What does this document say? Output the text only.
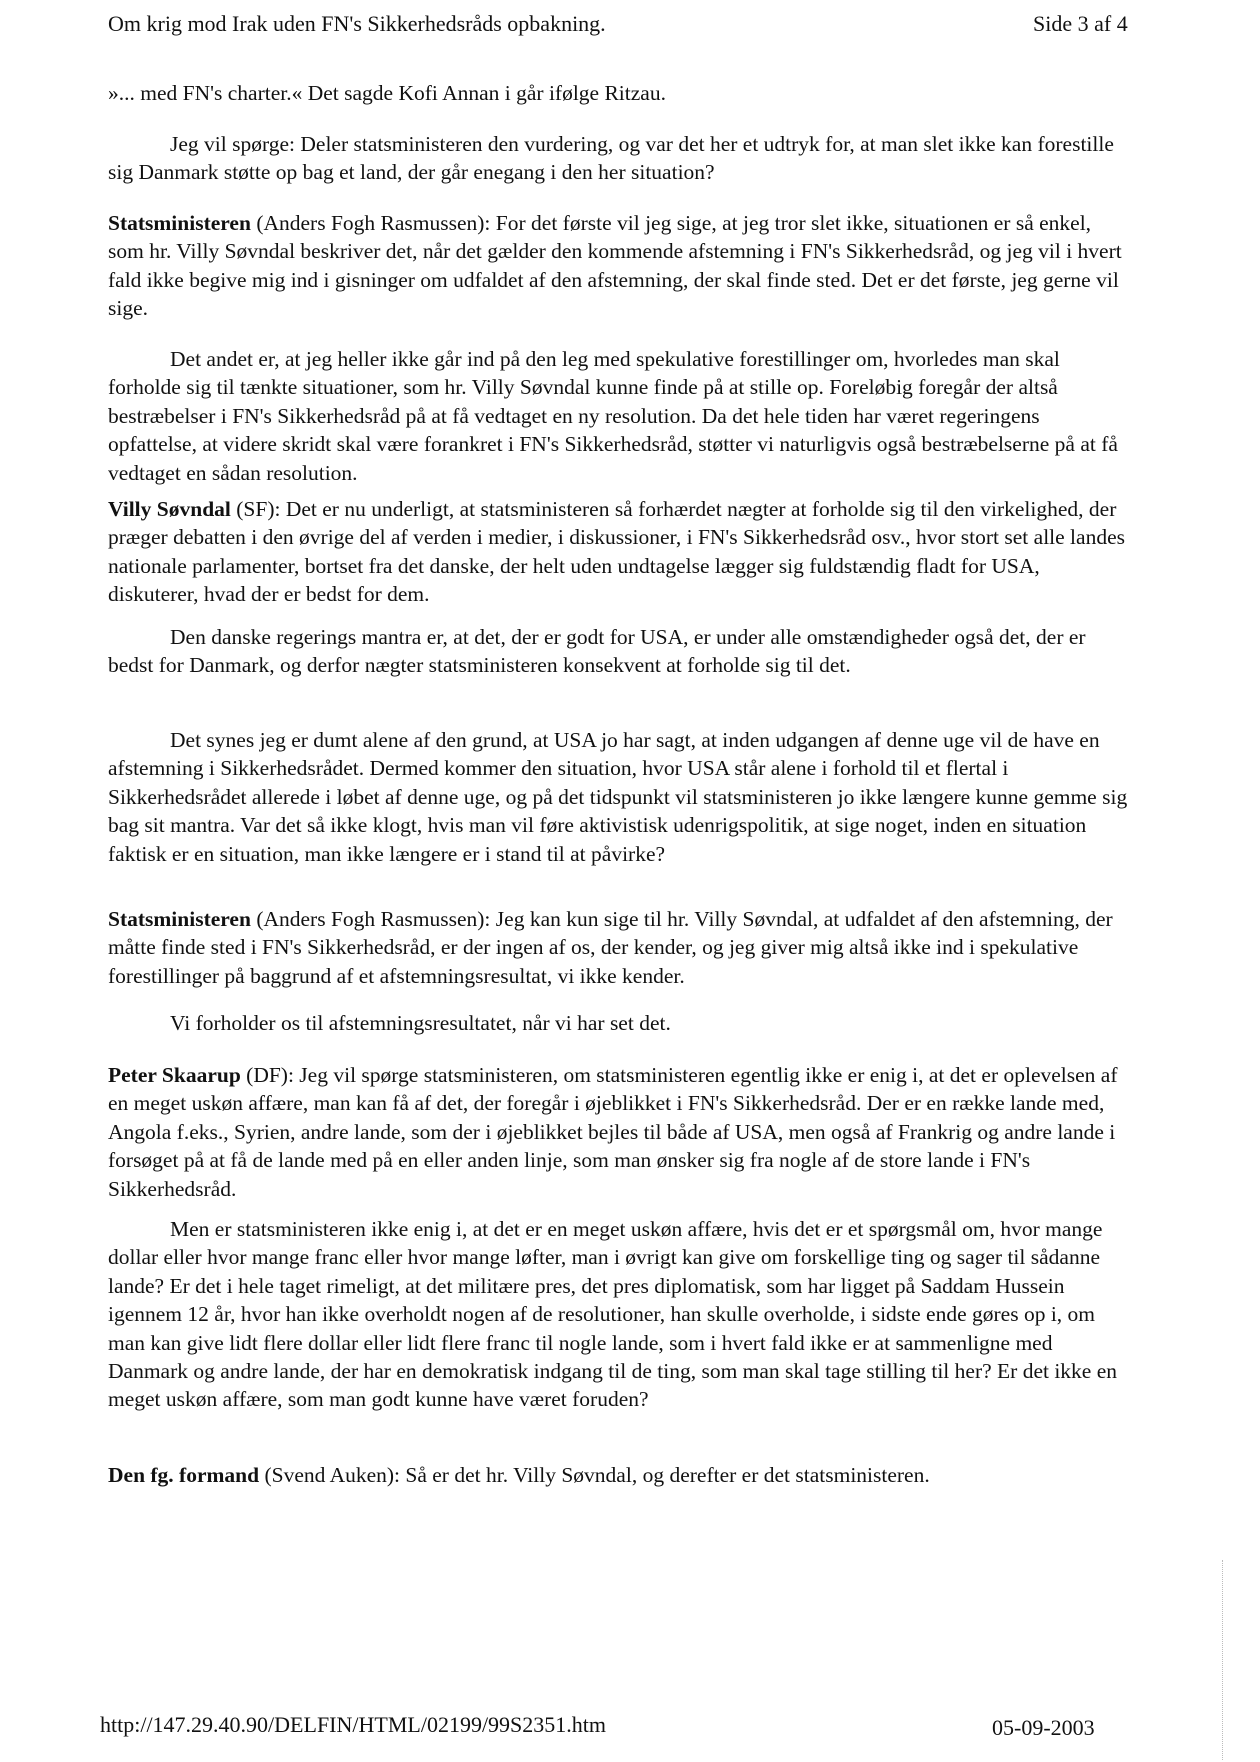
Om krig mod Irak uden FN's Sikkerhedsråds opbakning.	Side 3 af 4

»... med FN's charter.« Det sagde Kofi Annan i går ifølge Ritzau.

Jeg vil spørge: Deler statsministeren den vurdering, og var det her et udtryk for, at man slet ikke kan forestille sig Danmark støtte op bag et land, der går enegang i den her situation?

Statsministeren (Anders Fogh Rasmussen): For det første vil jeg sige, at jeg tror slet ikke, situationen er så enkel, som hr. Villy Søvndal beskriver det, når det gælder den kommende afstemning i FN's Sikkerhedsråd, og jeg vil i hvert fald ikke begive mig ind i gisninger om udfaldet af den afstemning, der skal finde sted. Det er det første, jeg gerne vil sige.

Det andet er, at jeg heller ikke går ind på den leg med spekulative forestillinger om, hvorledes man skal forholde sig til tænkte situationer, som hr. Villy Søvndal kunne finde på at stille op. Foreløbig foregår der altså bestræbelser i FN's Sikkerhedsråd på at få vedtaget en ny resolution. Da det hele tiden har været regeringens opfattelse, at videre skridt skal være forankret i FN's Sikkerhedsråd, støtter vi naturligvis også bestræbelserne på at få vedtaget en sådan resolution.

Villy Søvndal (SF): Det er nu underligt, at statsministeren så forhærdet nægter at forholde sig til den virkelighed, der præger debatten i den øvrige del af verden i medier, i diskussioner, i FN's Sikkerhedsråd osv., hvor stort set alle landes nationale parlamenter, bortset fra det danske, der helt uden undtagelse lægger sig fuldstændig fladt for USA, diskuterer, hvad der er bedst for dem.

Den danske regerings mantra er, at det, der er godt for USA, er under alle omstændigheder også det, der er bedst for Danmark, og derfor nægter statsministeren konsekvent at forholde sig til det.

Det synes jeg er dumt alene af den grund, at USA jo har sagt, at inden udgangen af denne uge vil de have en afstemning i Sikkerhedsrådet. Dermed kommer den situation, hvor USA står alene i forhold til et flertal i Sikkerhedsrådet allerede i løbet af denne uge, og på det tidspunkt vil statsministeren jo ikke længere kunne gemme sig bag sit mantra. Var det så ikke klogt, hvis man vil føre aktivistisk udenrigspolitik, at sige noget, inden en situation faktisk er en situation, man ikke længere er i stand til at påvirke?

Statsministeren (Anders Fogh Rasmussen): Jeg kan kun sige til hr. Villy Søvndal, at udfaldet af den afstemning, der måtte finde sted i FN's Sikkerhedsråd, er der ingen af os, der kender, og jeg giver mig altså ikke ind i spekulative forestillinger på baggrund af et afstemningsresultat, vi ikke kender.

Vi forholder os til afstemningsresultatet, når vi har set det.

Peter Skaarup (DF): Jeg vil spørge statsministeren, om statsministeren egentlig ikke er enig i, at det er oplevelsen af en meget uskøn affære, man kan få af det, der foregår i øjeblikket i FN's Sikkerhedsråd. Der er en række lande med, Angola f.eks., Syrien, andre lande, som der i øjeblikket bejles til både af USA, men også af Frankrig og andre lande i forsøget på at få de lande med på en eller anden linje, som man ønsker sig fra nogle af de store lande i FN's Sikkerhedsråd.

Men er statsministeren ikke enig i, at det er en meget uskøn affære, hvis det er et spørgsmål om, hvor mange dollar eller hvor mange franc eller hvor mange løfter, man i øvrigt kan give om forskellige ting og sager til sådanne lande? Er det i hele taget rimeligt, at det militære pres, det pres diplomatisk, som har ligget på Saddam Hussein igennem 12 år, hvor han ikke overholdt nogen af de resolutioner, han skulle overholde, i sidste ende gøres op i, om man kan give lidt flere dollar eller lidt flere franc til nogle lande, som i hvert fald ikke er at sammenligne med Danmark og andre lande, der har en demokratisk indgang til de ting, som man skal tage stilling til her? Er det ikke en meget uskøn affære, som man godt kunne have været foruden?

Den fg. formand (Svend Auken): Så er det hr. Villy Søvndal, og derefter er det statsministeren.

http://147.29.40.90/DELFIN/HTML/02199/99S2351.htm	05-09-2003
